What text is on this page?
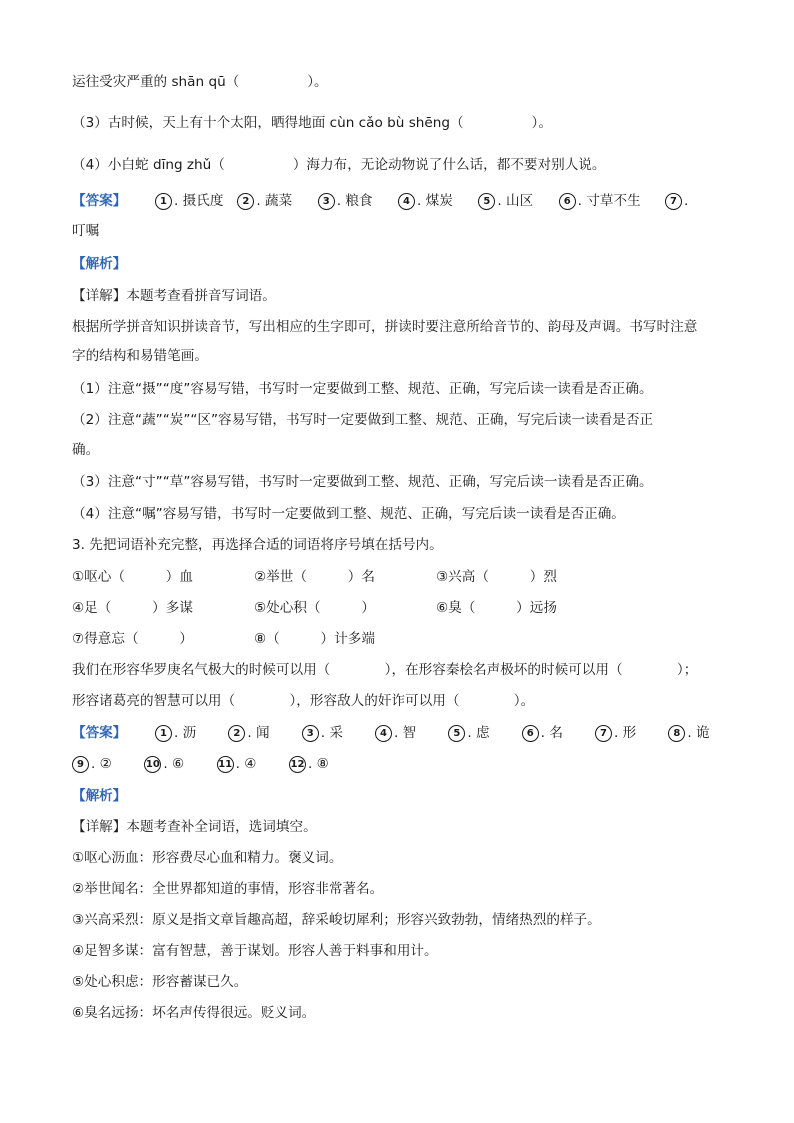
运往受灾严重的 shān qū（　　　　　）。
（3）古时候，天上有十个太阳，晒得地面 cùn cǎo bù shēng（　　　　　）。
（4）小白蛇 dīng zhǔ（　　　　　）海力布，无论动物说了什么话，都不要对别人说。
【答案】	1 . 摄氏度 2 . 蔬菜	3 . 粮食	4 . 煤炭	5 . 山区	6 . 寸草不生	7 .
叮嘱
【解析】
【详解】本题考查看拼音写词语。
根据所学拼音知识拼读音节，写出相应的生字即可，拼读时要注意所给音节的、韵母及声调。书写时注意
字的结构和易错笔画。
（1）注意“摄”“度”容易写错，书写时一定要做到工整、规范、正确，写完后读一读看是否正确。
（2）注意“蔬”“炭”“区”容易写错，书写时一定要做到工整、规范、正确，写完后读一读看是否正
确。
（3）注意“寸”“草”容易写错，书写时一定要做到工整、规范、正确，写完后读一读看是否正确。
（4）注意“嘱”容易写错，书写时一定要做到工整、规范、正确，写完后读一读看是否正确。
3. 先把词语补充完整，再选择合适的词语将序号填在括号内。
①呕心（　　　）血	②举世（　　　）名	③兴高（　　　）烈
④足（　　　）多谋	⑤处心积（　　　）	⑥臭（　　　）远扬
⑦得意忘（　　　）	⑧（　　　）计多端
我们在形容华罗庚名气极大的时候可以用（　　　　），在形容秦桧名声极坏的时候可以用（　　　　）；
形容诸葛亮的智慧可以用（　　　　），形容敌人的奸诈可以用（　　　　）。
【答案】	1 . 沥	2 . 闻	3 . 采	4 . 智	5 . 虑	6 . 名	7 . 形	8 . 诡
9 . ②	10 . ⑥	11 . ④	12 . ⑧
【解析】
【详解】本题考查补全词语，选词填空。
①呕心沥血：形容费尽心血和精力。褒义词。
②举世闻名：全世界都知道的事情，形容非常著名。
③兴高采烈：原义是指文章旨趣高超，辞采峻切犀利；形容兴致勃勃，情绪热烈的样子。
④足智多谋：富有智慧，善于谋划。形容人善于料事和用计。
⑤处心积虑：形容蓄谋已久。
⑥臭名远扬：坏名声传得很远。贬义词。
